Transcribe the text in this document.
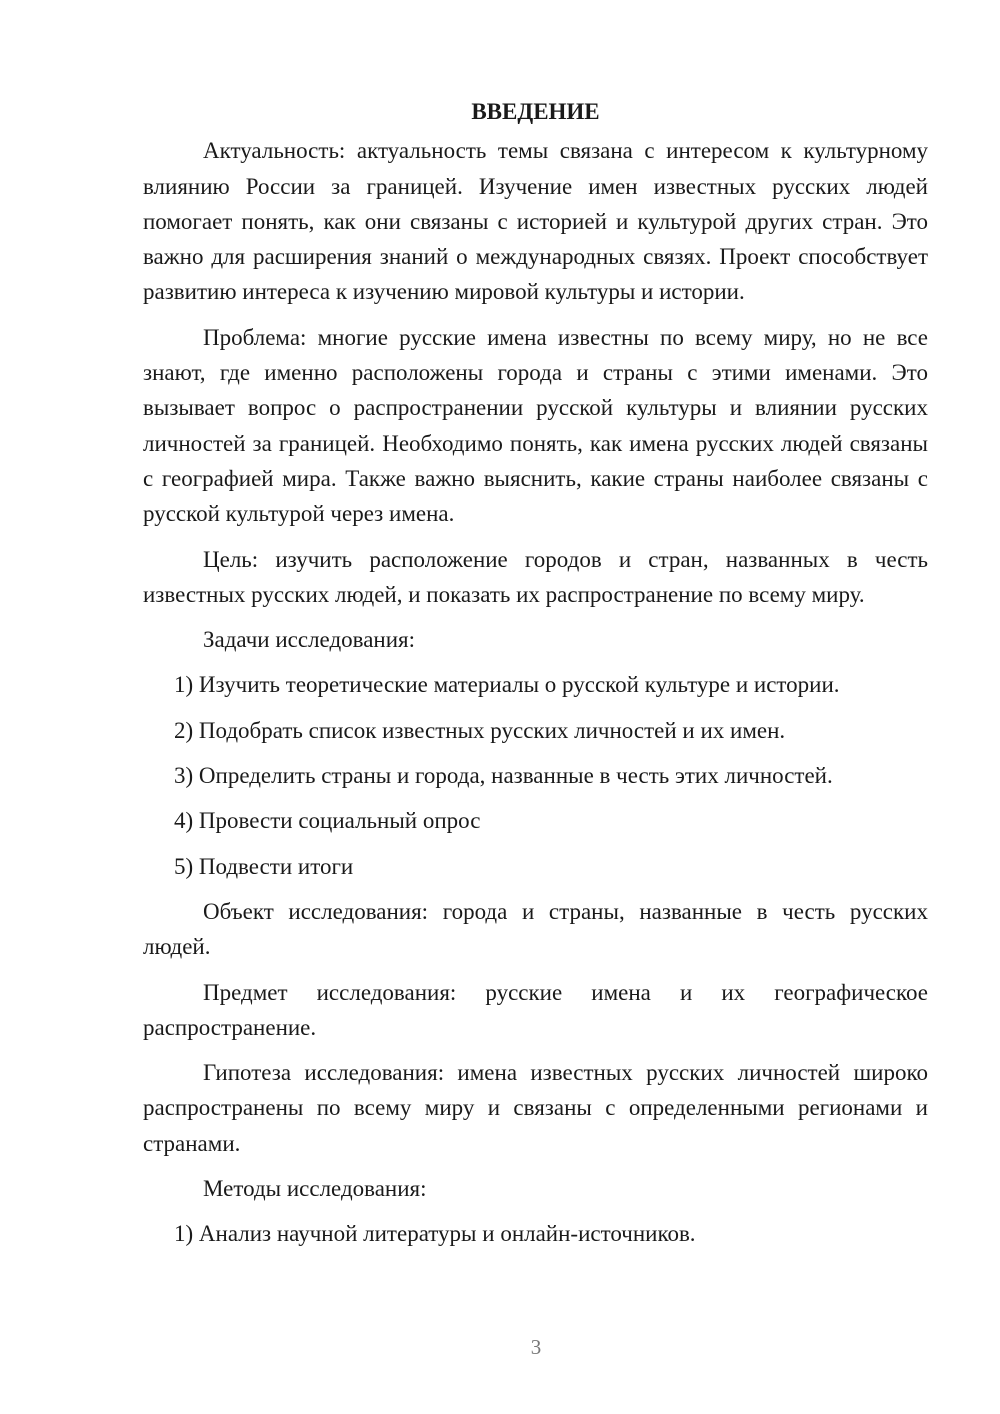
ВВЕДЕНИЕ
Актуальность: актуальность темы связана с интересом к культурному влиянию России за границей. Изучение имен известных русских людей помогает понять, как они связаны с историей и культурой других стран. Это важно для расширения знаний о международных связях. Проект способствует развитию интереса к изучению мировой культуры и истории.
Проблема: многие русские имена известны по всему миру, но не все знают, где именно расположены города и страны с этими именами. Это вызывает вопрос о распространении русской культуры и влиянии русских личностей за границей. Необходимо понять, как имена русских людей связаны с географией мира. Также важно выяснить, какие страны наиболее связаны с русской культурой через имена.
Цель: изучить расположение городов и стран, названных в честь известных русских людей, и показать их распространение по всему миру.
Задачи исследования:
1) Изучить теоретические материалы о русской культуре и истории.
2) Подобрать список известных русских личностей и их имен.
3) Определить страны и города, названные в честь этих личностей.
4) Провести социальный опрос
5) Подвести итоги
Объект исследования: города и страны, названные в честь русских людей.
Предмет исследования: русские имена и их географическое распространение.
Гипотеза исследования: имена известных русских личностей широко распространены по всему миру и связаны с определенными регионами и странами.
Методы исследования:
1) Анализ научной литературы и онлайн-источников.
3
